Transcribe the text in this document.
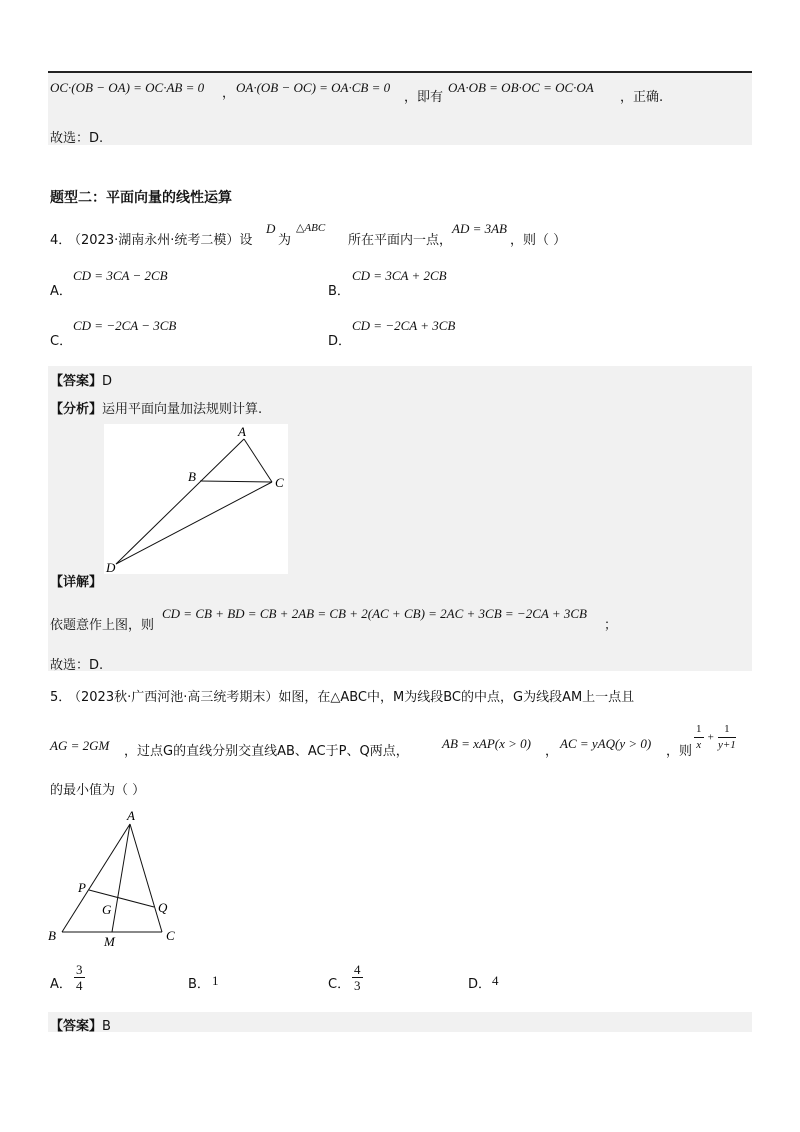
OC·(OB − OA) = OC·AB = 0 ， OA·(OB − OC) = OA·CB = 0
，即有
OA·OB = OB·OC = OC·OA
，正确.
故选：D.
题型二：平面向量的线性运算
4．
（2023·湖南永州·统考二模）设
D
为
△ABC
所在平面内一点，
AD = 3AB
，则（ ）
A．
CD = 3CA − 2CB
B．
CD = 3CA + 2CB
C．
CD = −2CA − 3CB
D．
CD = −2CA + 3CB
【答案】D
【分析】运用平面向量加法规则计算.
A
B	C
D
【详解】
依题意作上图，则
CD = CB + BD = CB + 2AB = CB + 2(AC + CB) = 2AC + 3CB = −2CA + 3CB
；
故选：D.
5．
（2023秋·广西河池·高三统考期末）如图，在△ABC中，M为线段BC的中点，G为线段AM上一点且
AG = 2GM ，过点G的直线分别交直线AB、AC于P、Q两点，
AB = xAP(x > 0)
，
AC = yAQ(y > 0)
，则 $\frac{1}{x} + \frac{1}{y+1}$
的最小值为（ ）
A
P
G	Q
B	C
M
A． $\frac{3}{4}$	B． 1	C． $\frac{4}{3}$	D． 4
【答案】B
